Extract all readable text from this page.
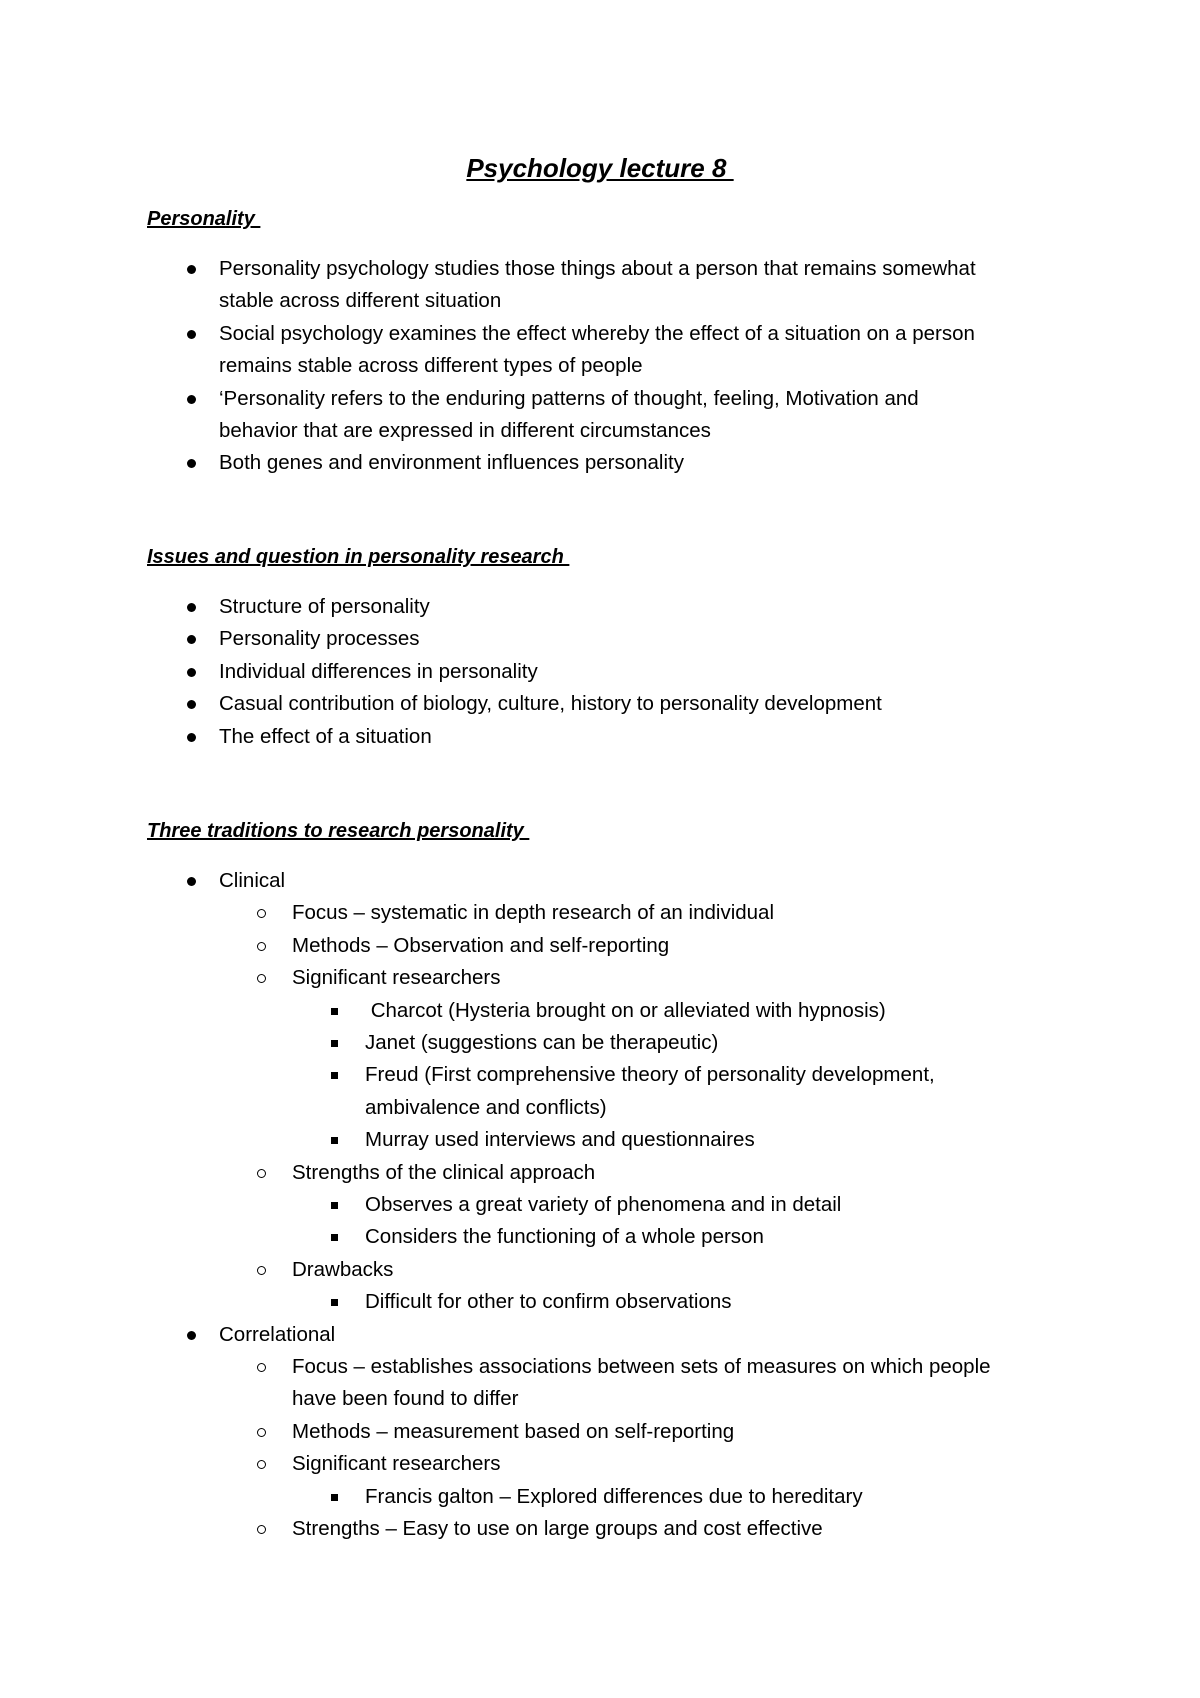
Psychology lecture 8
Personality
Personality psychology studies those things about a person that remains somewhat
stable across different situation
Social psychology examines the effect whereby the effect of a situation on a person
remains stable across different types of people
‘Personality refers to the enduring patterns of thought, feeling, Motivation and
behavior that are expressed in different circumstances
Both genes and environment influences personality
Issues and question in personality research
Structure of personality
Personality processes
Individual differences in personality
Casual contribution of biology, culture, history to personality development
The effect of a situation
Three traditions to research personality
Clinical
Focus – systematic in depth research of an individual
Methods – Observation and self-reporting
Significant researchers
Charcot (Hysteria brought on or alleviated with hypnosis)
Janet (suggestions can be therapeutic)
Freud (First comprehensive theory of personality development,
ambivalence and conflicts)
Murray used interviews and questionnaires
Strengths of the clinical approach
Observes a great variety of phenomena and in detail
Considers the functioning of a whole person
Drawbacks
Difficult for other to confirm observations
Correlational
Focus – establishes associations between sets of measures on which people
have been found to differ
Methods – measurement based on self-reporting
Significant researchers
Francis galton – Explored differences due to hereditary
Strengths – Easy to use on large groups and cost effective
